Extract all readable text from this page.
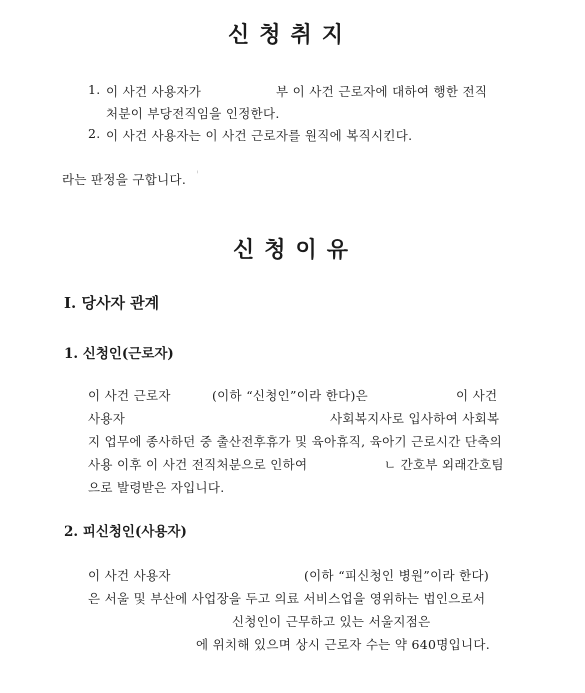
신청취지
1. 이 사건 사용자가	부 이 사건 근로자에 대하여 행한 전직
처분이 부당전직임을 인정한다.
2. 이 사건 사용자는 이 사건 근로자를 원직에 복직시킨다.
라는 판정을 구합니다. '
신청이유
Ⅰ. 당사자 관계
1. 신청인(근로자)
이 사건 근로자	(이하 “신청인”이라 한다)은	이 사건
사용자	사회복지사로 입사하여 사회복
지 업무에 종사하던 중 출산전후휴가 및 육아휴직, 육아기 근로시간 단축의
사용 이후 이 사건 전직처분으로 인하여	ㄴ 간호부 외래간호팀
으로 발령받은 자입니다.
2. 피신청인(사용자)
이 사건 사용자	(이하 “피신청인 병원”이라 한다)
은 서울 및 부산에 사업장을 두고 의료 서비스업을 영위하는 법인으로서
신청인이 근무하고 있는 서울지점은
에 위치해 있으며 상시 근로자 수는 약 640명입니다.
